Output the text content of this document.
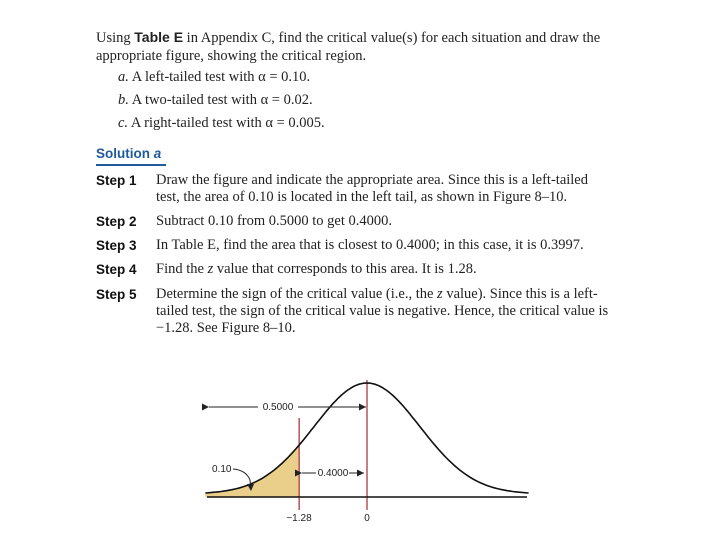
Using Table E in Appendix C, find the critical value(s) for each situation and draw the appropriate figure, showing the critical region.

a. A left-tailed test with α = 0.10.
b. A two-tailed test with α = 0.02.
c. A right-tailed test with α = 0.005.
Solution a
Step 1 Draw the figure and indicate the appropriate area. Since this is a left-tailed test, the area of 0.10 is located in the left tail, as shown in Figure 8–10.

Step 2 Subtract 0.10 from 0.5000 to get 0.4000.

Step 3 In Table E, find the area that is closest to 0.4000; in this case, it is 0.3997.

Step 4 Find the z value that corresponds to this area. It is 1.28.

Step 5 Determine the sign of the critical value (i.e., the z value). Since this is a left-tailed test, the sign of the critical value is negative. Hence, the critical value is −1.28. See Figure 8–10.

0.5000
0.4000
0.10
−1.28	0
